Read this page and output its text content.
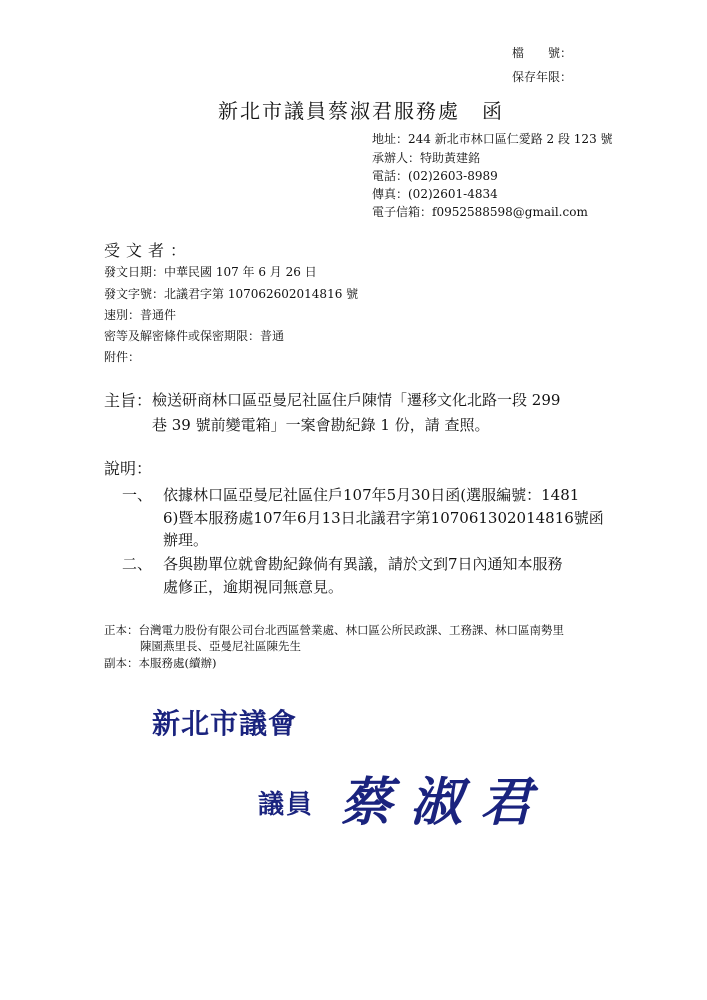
檔　　號：
保存年限：
新北市議員蔡淑君服務處　函
地址：244 新北市林口區仁愛路 2 段 123 號
承辦人：特助黃建銘
電話：(02)2603-8989
傳真：(02)2601-4834
電子信箱：f0952588598@gmail.com
受文者：
發文日期：中華民國 107 年 6 月 26 日
發文字號：北議君字第 107062602014816 號
速別：普通件
密等及解密條件或保密期限：普通
附件：
主旨： 檢送研商林口區亞曼尼社區住戶陳情「遷移文化北路一段 299
巷 39 號前變電箱」一案會勘紀錄 1 份，請 查照。
說明：
一、 依據林口區亞曼尼社區住戶107年5月30日函(選服編號：1481
6)暨本服務處107年6月13日北議君字第107061302014816號函
辦理。
二、 各與勘單位就會勘紀錄倘有異議，請於文到7日內通知本服務
處修正，逾期視同無意見。
正本：台灣電力股份有限公司台北西區營業處、林口區公所民政課、工務課、林口區南勢里
陳園燕里長、亞曼尼社區陳先生
副本：本服務處(續辦)
新北市議會
議員 蔡淑君
